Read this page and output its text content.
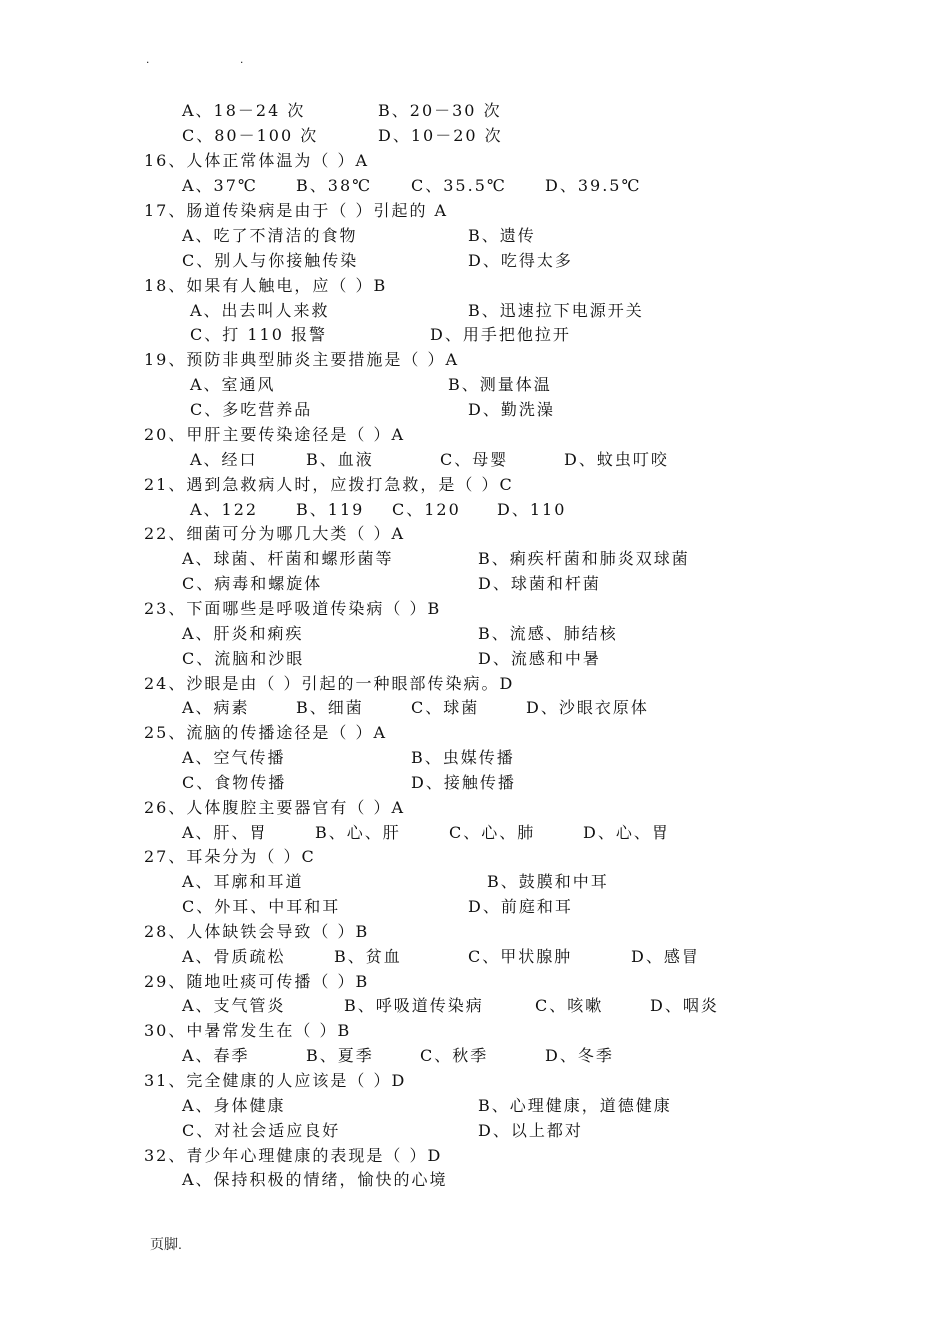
.	.
A、18－24 次	B、20－30 次
C、80－100 次	D、10－20 次
16、人体正常体温为（ ）A
A、37℃ B、38℃ C、35.5℃ D、39.5℃
17、肠道传染病是由于（ ）引起的 A
A、吃了不清洁的食物	B、遗传
C、别人与你接触传染	D、吃得太多
18、如果有人触电，应（ ）B
A、出去叫人来救	B、迅速拉下电源开关
C、打 110 报警	D、用手把他拉开
19、预防非典型肺炎主要措施是（ ）A
A、室通风	B、测量体温
C、多吃营养品	D、勤洗澡
20、甲肝主要传染途径是（ ）A
A、经口	B、血液	C、母婴	D、蚊虫叮咬
21、遇到急救病人时，应拨打急救，是（ ）C
A、122 B、119 C、120 D、110
22、细菌可分为哪几大类（ ）A
A、球菌、杆菌和螺形菌等	B、痢疾杆菌和肺炎双球菌
C、病毒和螺旋体	D、球菌和杆菌
23、下面哪些是呼吸道传染病（ ）B
A、肝炎和痢疾	B、流感、肺结核
C、流脑和沙眼	D、流感和中暑
24、沙眼是由（ ）引起的一种眼部传染病。D
A、病素	B、细菌	C、球菌	D、沙眼衣原体
25、流脑的传播途径是（ ）A
A、空气传播	B、虫媒传播
C、食物传播	D、接触传播
26、人体腹腔主要器官有（ ）A
A、肝、胃	B、心、肝	C、心、肺	D、心、胃
27、耳朵分为（ ）C
A、耳廓和耳道	B、鼓膜和中耳
C、外耳、中耳和耳	D、前庭和耳
28、人体缺铁会导致（ ）B
A、骨质疏松	B、贫血	C、甲状腺肿	D、感冒
29、随地吐痰可传播（ ）B
A、支气管炎	B、呼吸道传染病	C、咳嗽	D、咽炎
30、中暑常发生在（ ）B
A、春季	B、夏季	C、秋季	D、冬季
31、完全健康的人应该是（ ）D
A、身体健康	B、心理健康，道德健康
C、对社会适应良好	D、以上都对
32、青少年心理健康的表现是（ ）D
A、保持积极的情绪，愉快的心境
页脚.
